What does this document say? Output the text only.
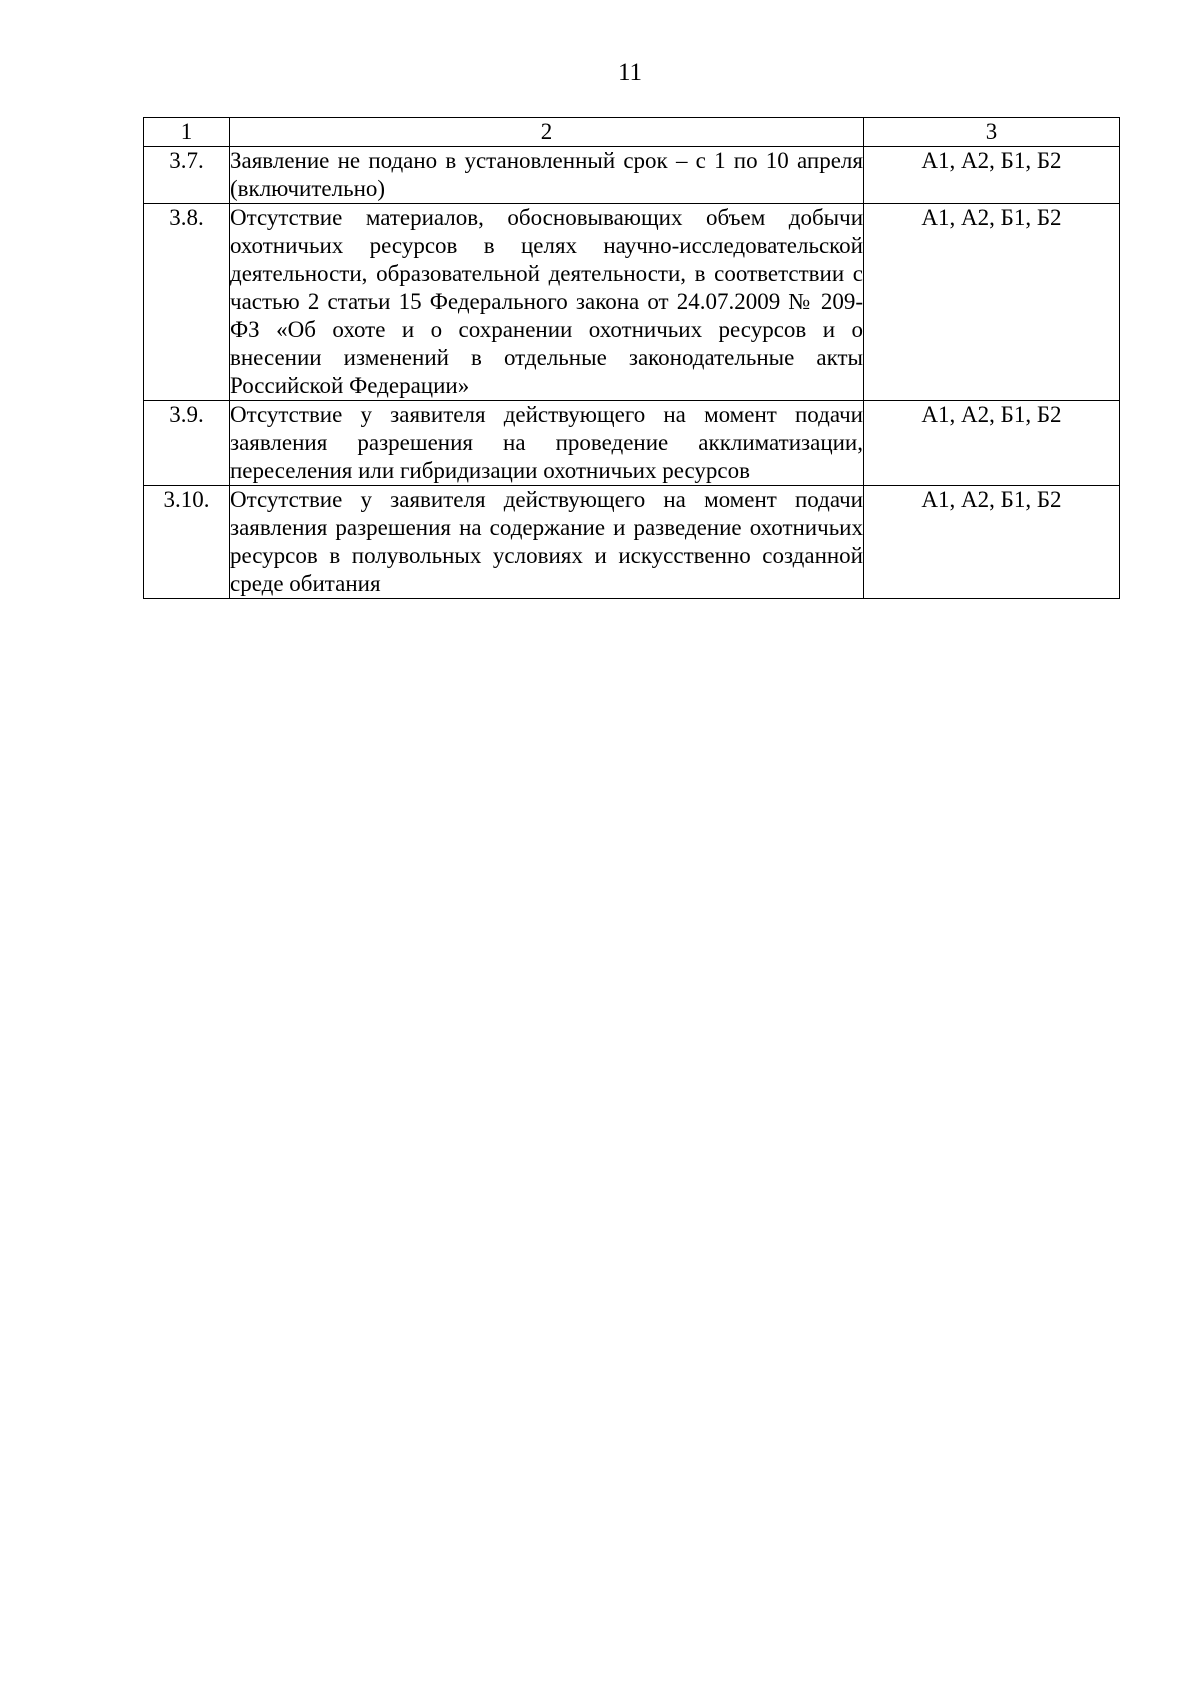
11
1	2	3
3.7.	Заявление не подано в установленный срок – с 1 по 10 апреля (включительно)	А1, А2, Б1, Б2
3.8.	Отсутствие материалов, обосновывающих объем добычи охотничьих ресурсов в целях научно-исследовательской деятельности, образовательной деятельности, в соответствии с частью 2 статьи 15 Федерального закона от 24.07.2009 № 209-ФЗ «Об охоте и о сохранении охотничьих ресурсов и о внесении изменений в отдельные законодательные акты Российской Федерации»	А1, А2, Б1, Б2
3.9.	Отсутствие у заявителя действующего на момент подачи заявления разрешения на проведение акклиматизации, переселения или гибридизации охотничьих ресурсов	А1, А2, Б1, Б2
3.10.	Отсутствие у заявителя действующего на момент подачи заявления разрешения на содержание и разведение охотничьих ресурсов в полувольных условиях и искусственно созданной среде обитания	А1, А2, Б1, Б2
